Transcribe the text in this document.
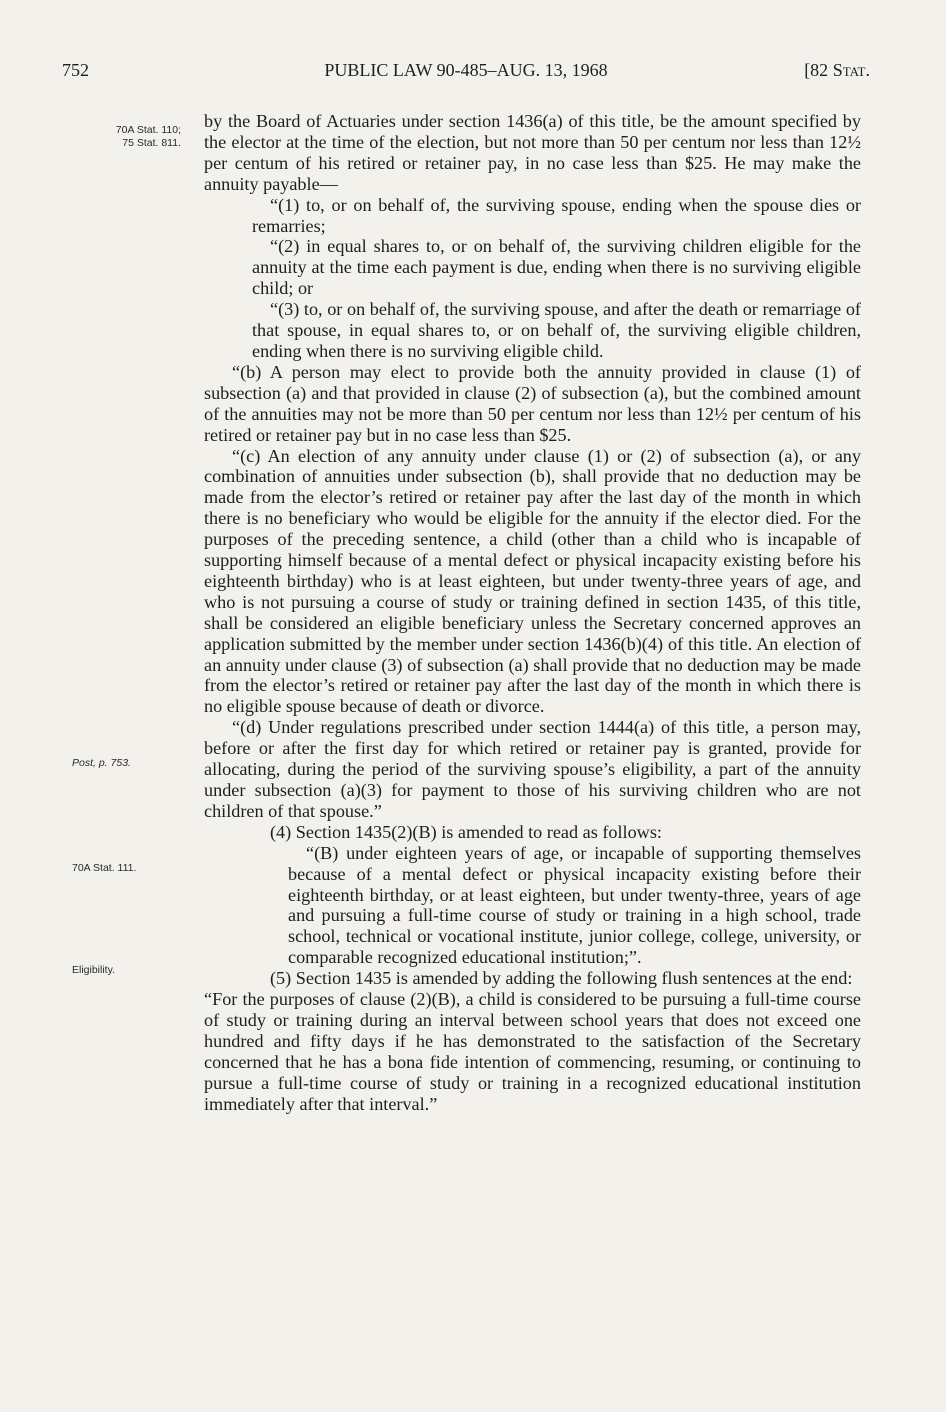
752	PUBLIC LAW 90-485–AUG. 13, 1968	[82 Stat.
70A Stat. 110;
75 Stat. 811.
Post, p. 753.
70A Stat. 111.
Eligibility.

by the Board of Actuaries under section 1436(a) of this title, be the amount specified by the elector at the time of the election, but not more than 50 per centum nor less than 12½ per centum of his retired or retainer pay, in no case less than $25. He may make the annuity payable—

“(1) to, or on behalf of, the surviving spouse, ending when the spouse dies or remarries;

“(2) in equal shares to, or on behalf of, the surviving children eligible for the annuity at the time each payment is due, ending when there is no surviving eligible child; or

“(3) to, or on behalf of, the surviving spouse, and after the death or remarriage of that spouse, in equal shares to, or on behalf of, the surviving eligible children, ending when there is no surviving eligible child.

“(b) A person may elect to provide both the annuity provided in clause (1) of subsection (a) and that provided in clause (2) of subsection (a), but the combined amount of the annuities may not be more than 50 per centum nor less than 12½ per centum of his retired or retainer pay but in no case less than $25.

“(c) An election of any annuity under clause (1) or (2) of subsection (a), or any combination of annuities under subsection (b), shall provide that no deduction may be made from the elector’s retired or retainer pay after the last day of the month in which there is no beneficiary who would be eligible for the annuity if the elector died. For the purposes of the preceding sentence, a child (other than a child who is incapable of supporting himself because of a mental defect or physical incapacity existing before his eighteenth birthday) who is at least eighteen, but under twenty-three years of age, and who is not pursuing a course of study or training defined in section 1435, of this title, shall be considered an eligible beneficiary unless the Secretary concerned approves an application submitted by the member under section 1436(b)(4) of this title. An election of an annuity under clause (3) of subsection (a) shall provide that no deduction may be made from the elector’s retired or retainer pay after the last day of the month in which there is no eligible spouse because of death or divorce.

“(d) Under regulations prescribed under section 1444(a) of this title, a person may, before or after the first day for which retired or retainer pay is granted, provide for allocating, during the period of the surviving spouse’s eligibility, a part of the annuity under subsection (a)(3) for payment to those of his surviving children who are not children of that spouse.”

(4) Section 1435(2)(B) is amended to read as follows:

“(B) under eighteen years of age, or incapable of supporting themselves because of a mental defect or physical incapacity existing before their eighteenth birthday, or at least eighteen, but under twenty-three, years of age and pursuing a full-time course of study or training in a high school, trade school, technical or vocational institute, junior college, college, university, or comparable recognized educational institution;”.

(5) Section 1435 is amended by adding the following flush sentences at the end:

“For the purposes of clause (2)(B), a child is considered to be pursuing a full-time course of study or training during an interval between school years that does not exceed one hundred and fifty days if he has demonstrated to the satisfaction of the Secretary concerned that he has a bona fide intention of commencing, resuming, or continuing to pursue a full-time course of study or training in a recognized educational institution immediately after that interval.”
